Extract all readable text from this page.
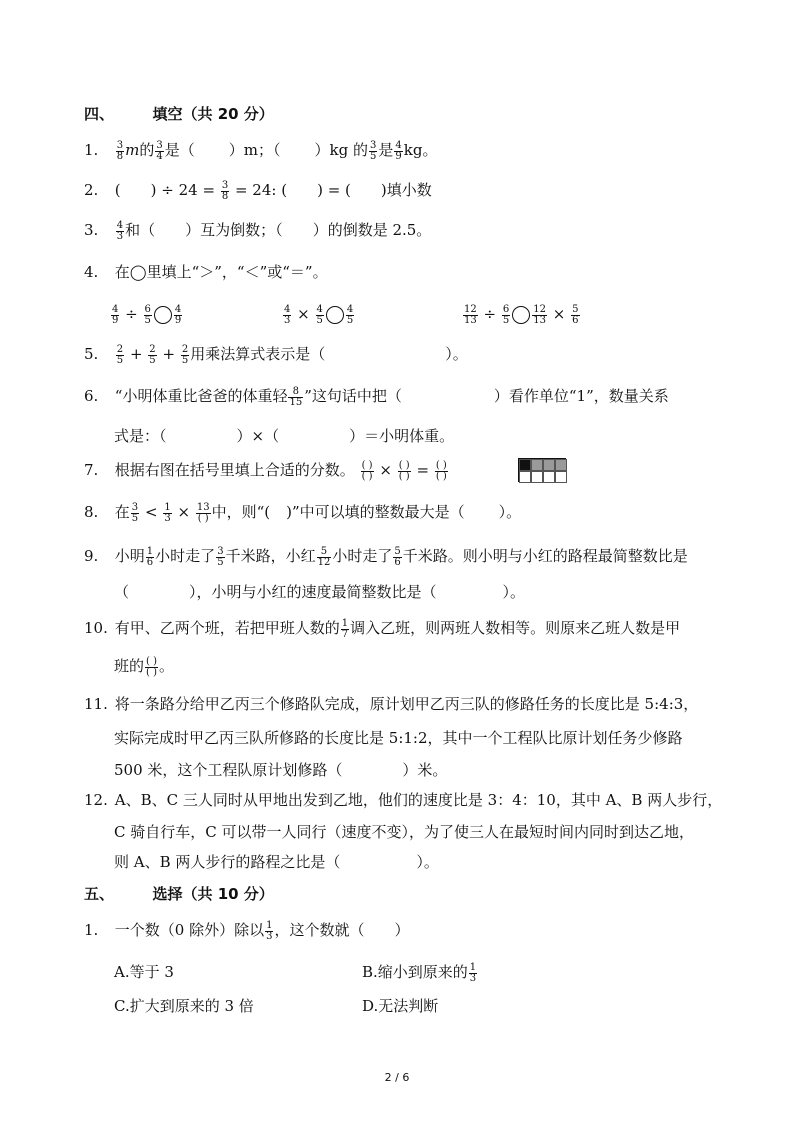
四、	填空（共 20 分）
1. $\frac{3}{8}$ m的 $\frac{3}{4}$ 是（ ）m；（ ）kg 的 $\frac{3}{5}$ 是 $\frac{4}{9}$ kg。
2. ( ) ÷ $24 = \frac{3}{8} = 24$: ( ) = ( )填小数
3. $\frac{4}{3}$ 和（ ）互为倒数；（ ）的倒数是 2.5。
4. 在◯里填上“＞”，“＜”或“＝”。
$\frac{4}{9} \div \frac{6}{5} \frac{4}{9}$	$\frac{4}{3} \times \frac{4}{5} \frac{4}{5}$	$\frac{12}{13} \div \frac{6}{5} \frac{12}{13} \times \frac{5}{6}$
5. $\frac{2}{5} + \frac{2}{5} + \frac{2}{5}$ 用乘法算式表示是（	）。
6. “小明体重比爸爸的体重轻 $\frac{8}{15}$ ”这句话中把（	）看作单位“1”，数量关系
式是：（	）×（	）＝小明体重。
7. 根据右图在括号里填上合适的分数。 $\frac{( )}{( )} \times \frac{( )}{( )} = \frac{( )}{( )}$
8. 在 $\frac{3}{5} < \frac{1}{3} \times \frac{13}{( )}$ 中，则“( )”中可以填的整数最大是（ ）。
9. 小明 $\frac{1}{6}$ 小时走了 $\frac{3}{5}$ 千米路，小红 $\frac{5}{12}$ 小时走了 $\frac{5}{6}$ 千米路。则小明与小红的路程最简整数比是
（	），小明与小红的速度最简整数比是（	）。
10. 有甲、乙两个班，若把甲班人数的 $\frac{1}{7}$ 调入乙班，则两班人数相等。则原来乙班人数是甲
班的 $\frac{( )}{( )}$ 。
11. 将一条路分给甲乙丙三个修路队完成，原计划甲乙丙三队的修路任务的长度比是 5:4:3，
实际完成时甲乙丙三队所修路的长度比是 5:1:2，其中一个工程队比原计划任务少修路
500 米，这个工程队原计划修路（	）米。
12. A、B、C 三人同时从甲地出发到乙地，他们的速度比是 3：4：10，其中 A、B 两人步行，
C 骑自行车，C 可以带一人同行（速度不变），为了使三人在最短时间内同时到达乙地，
则 A、B 两人步行的路程之比是（	）。
五、	选择（共 10 分）
1. 一个数（0 除外）除以 $\frac{1}{3}$ ，这个数就（ ）
A.等于 3	B.缩小到原来的 $\frac{1}{3}$
C.扩大到原来的 3 倍	D.无法判断
2 / 6
